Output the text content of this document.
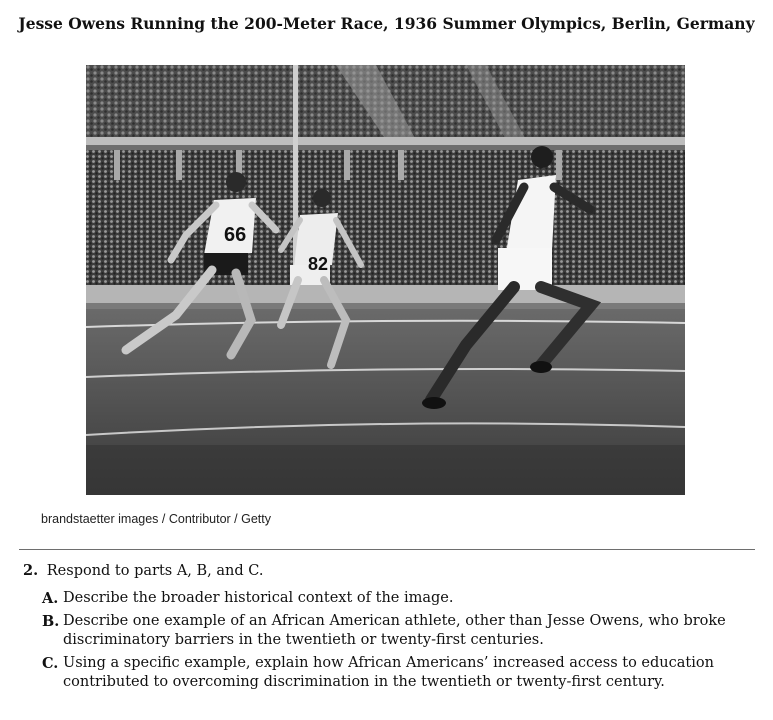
Jesse Owens Running the 200-Meter Race, 1936 Summer Olympics, Berlin, Germany
66
82
brandstaetter images / Contributor / Getty
2. Respond to parts A, B, and C.
A. Describe the broader historical context of the image.
B. Describe one example of an African American athlete, other than Jesse Owens, who broke discriminatory barriers in the twentieth or twenty-first centuries.
C. Using a specific example, explain how African Americans’ increased access to education contributed to overcoming discrimination in the twentieth or twenty-first century.
